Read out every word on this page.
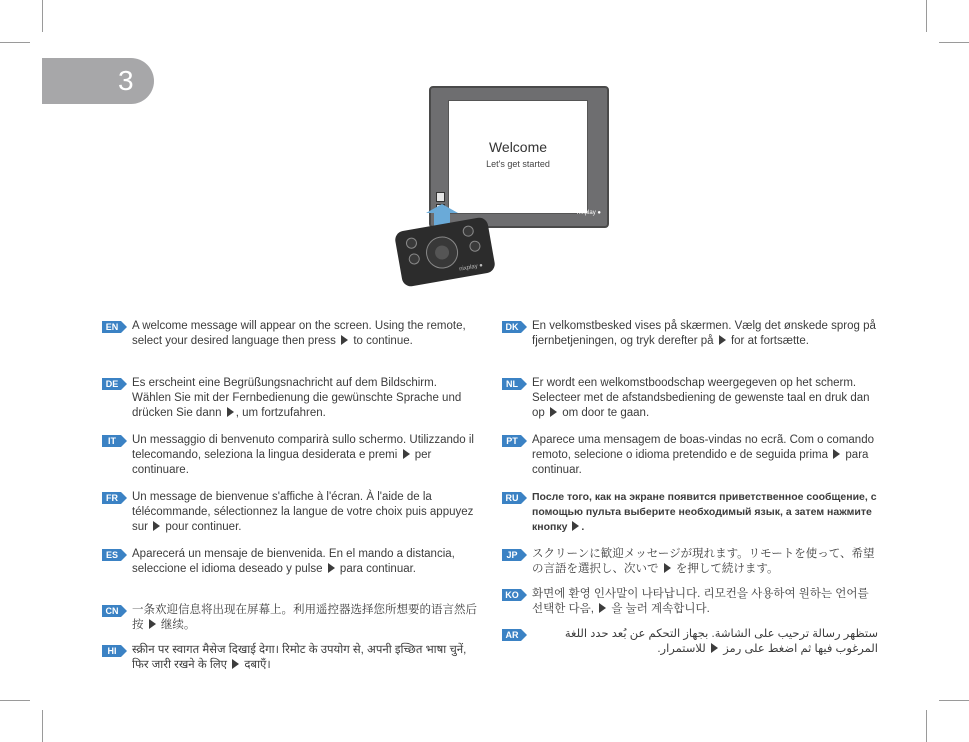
3
Welcome
Let's get started
nixplay ●
nixplay ●
EN	A welcome message will appear on the screen. Using the remote, select your desired language then press to continue.
DE	Es erscheint eine Begrüßungsnachricht auf dem Bildschirm. Wählen Sie mit der Fernbedienung die gewünschte Sprache und drücken Sie dann , um fortzufahren.
IT	Un messaggio di benvenuto comparirà sullo schermo. Utilizzando il telecomando, seleziona la lingua desiderata e premi per continuare.
FR	Un message de bienvenue s'affiche à l'écran. À l'aide de la télécommande, sélectionnez la langue de votre choix puis appuyez sur pour continuer.
ES	Aparecerá un mensaje de bienvenida. En el mando a distancia, seleccione el idioma deseado y pulse para continuar.
CN	一条欢迎信息将出现在屏幕上。利用遥控器选择您所想要的语言然后按 继续。
HI	स्क्रीन पर स्वागत मैसेज दिखाई देगा। रिमोट के उपयोग से, अपनी इच्छित भाषा चुनें, फिर जारी रखने के लिए दबाएँ।
DK	En velkomstbesked vises på skærmen. Vælg det ønskede sprog på fjernbetjeningen, og tryk derefter på for at fortsætte.
NL	Er wordt een welkomstboodschap weergegeven op het scherm. Selecteer met de afstandsbediening de gewenste taal en druk dan op om door te gaan.
PT	Aparece uma mensagem de boas-vindas no ecrã. Com o comando remoto, selecione o idioma pretendido e de seguida prima para continuar.
RU	После того, как на экране появится приветственное сообщение, с помощью пульта выберите необходимый язык, а затем нажмите кнопку .
JP	スクリーンに歓迎メッセージが現れます。リモートを使って、希望の言語を選択し、次いで を押して続けます。
KO 화면에 환영 인사말이 나타납니다. 리모컨을 사용하여 원하는 언어를 선택한 다음, 을 눌러 계속합니다.
AR	ستظهر رسالة ترحيب على الشاشة. بجهاز التحكم عن بُعد حدد اللغة المرغوب فيها ثم اضغط على رمز  للاستمرار.
